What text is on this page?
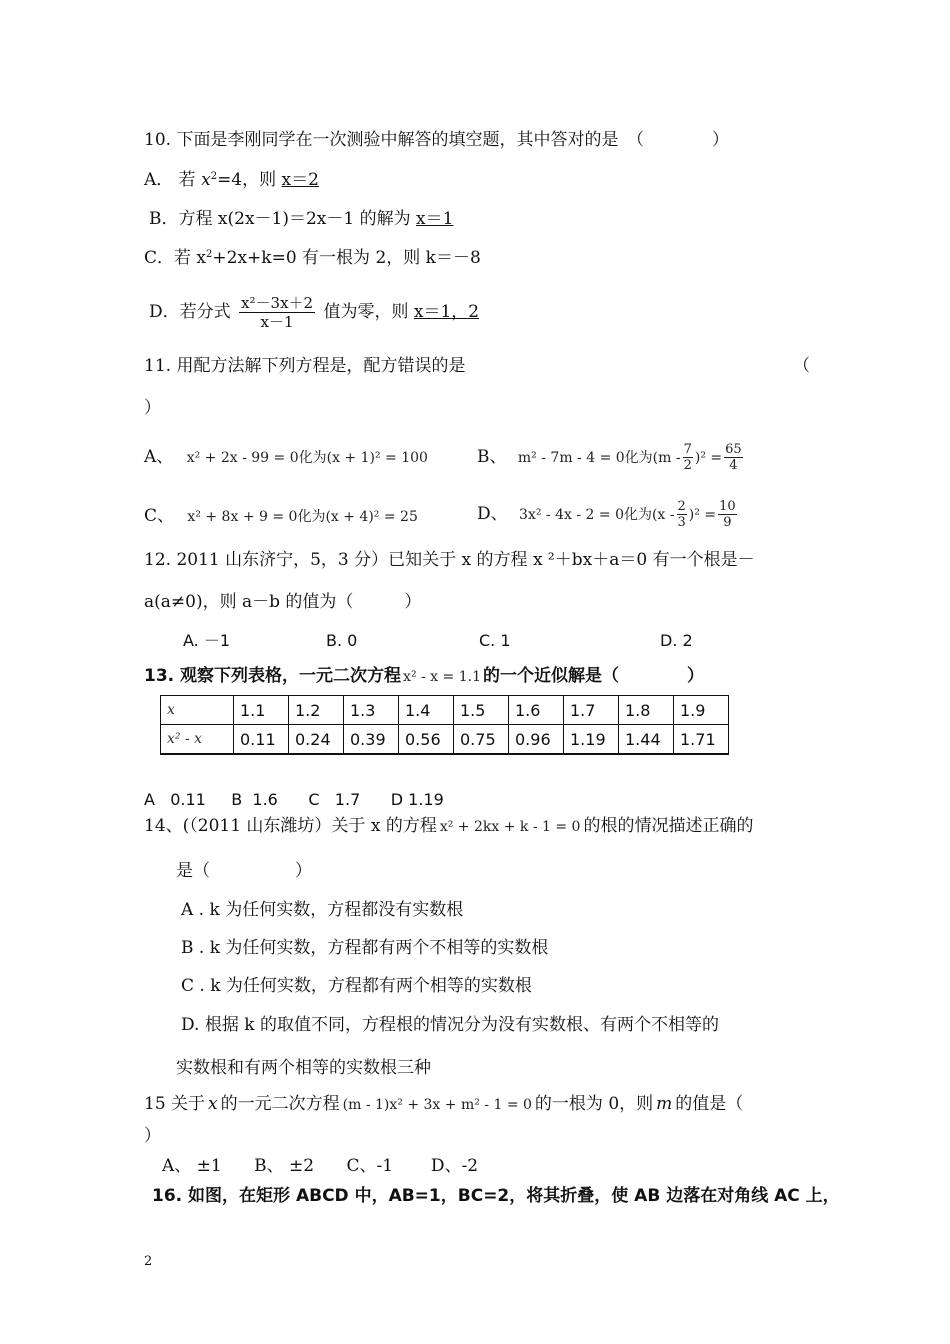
10. 下面是李刚同学在一次测验中解答的填空题，其中答对的是　（　　　　）
A． 若 $x^2=4$，则 x＝2
B．方程 x(2x－1)＝2x－1 的解为 x＝1
C．若 $x^2+2x+k=0$ 有一根为 2，则 k＝－8
D．若分式 $\frac{\text{x²－3x＋2}}{x-1}$ 值为零，则 x＝1，2
11. 用配方法解下列方程是，配方错误的是	（
）
A、 x² + 2x - 99 = 0化为(x + 1)² = 100	B、 m² - 7m - 4 = 0化为$(m - \frac{7}{2} )^2 = \frac{65}{4}$
C、 x² + 8x + 9 = 0化为(x + 4)² = 25	D、 3x² - 4x - 2 = 0化为$(x - \frac{2}{3} )^2 = \frac{10}{9}$
12. 2011 山东济宁，5，3 分）已知关于 x 的方程 x ²＋bx＋a＝0 有一个根是－
a(a≠0)，则 a－b 的值为（　　　）
A. －1	B. 0	C. 1	D. 2
13. 观察下列表格，一元二次方程 x² - x = 1.1 的一个近似解是（　　　　）
x	1.1	1.2	1.3	1.4	1.5	1.6	1.7	1.8	1.9
x² - x	0.11	0.24	0.39	0.56	0.75	0.96	1.19	1.44	1.71
A   0.11     B  1.6      C   1.7      D 1.19
14、(（2011 山东潍坊）关于 x 的方程 x² + 2kx + k - 1 = 0 的根的情况描述正确的
是（　　　　　）
A . k 为任何实数，方程都没有实数根
B . k 为任何实数，方程都有两个不相等的实数根
C . k 为任何实数，方程都有两个相等的实数根
D. 根据 k 的取值不同，方程根的情况分为没有实数根、有两个不相等的
实数根和有两个相等的实数根三种
15 关于 x 的一元二次方程 (m - 1)x² + 3x + m² - 1 = 0 的一根为 0，则 m 的值是（
）
A、 ±1      B、 ±2      C、-1       D、-2
16. 如图，在矩形 ABCD 中，AB=1，BC=2，将其折叠，使 AB 边落在对角线 AC 上，
2
